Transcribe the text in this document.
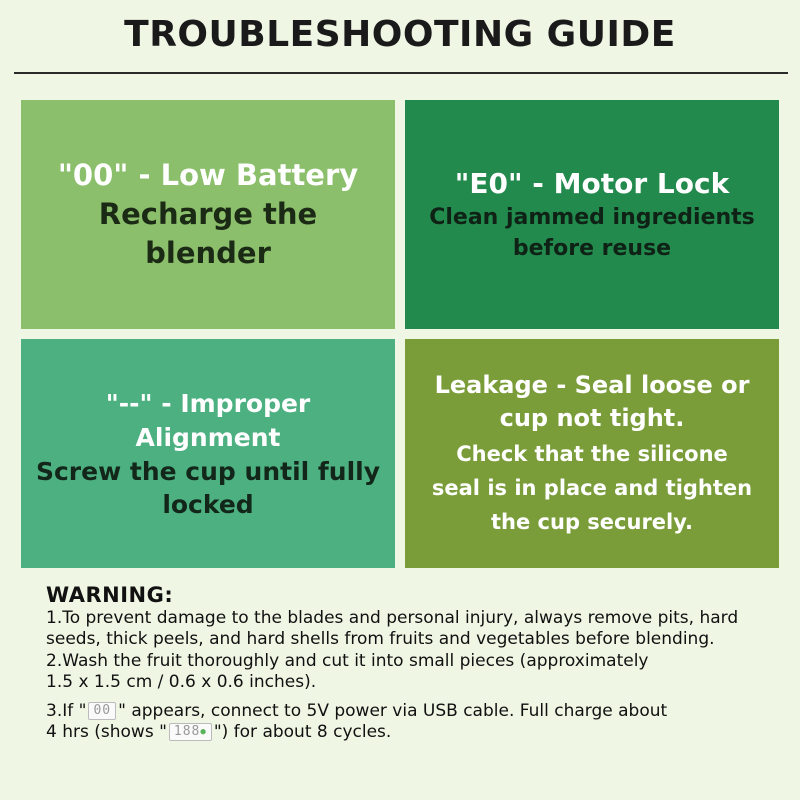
TROUBLESHOOTING GUIDE
"00" - Low Battery
Recharge the blender
"E0" - Motor Lock
Clean jammed ingredients
before reuse
"--" - Improper Alignment
Screw the cup until fully
locked
Leakage - Seal loose or
cup not tight.
Check that the silicone
seal is in place and tighten
the cup securely.
WARNING:

1.To prevent damage to the blades and personal injury, always remove pits, hard seeds, thick peels, and hard shells from fruits and vegetables before blending.

2.Wash the fruit thoroughly and cut it into small pieces (approximately
1.5 x 1.5 cm / 0.6 x 0.6 inches).

3.If " 00 " appears, connect to 5V power via USB cable. Full charge about
4 hrs (shows " 188● ") for about 8 cycles.
